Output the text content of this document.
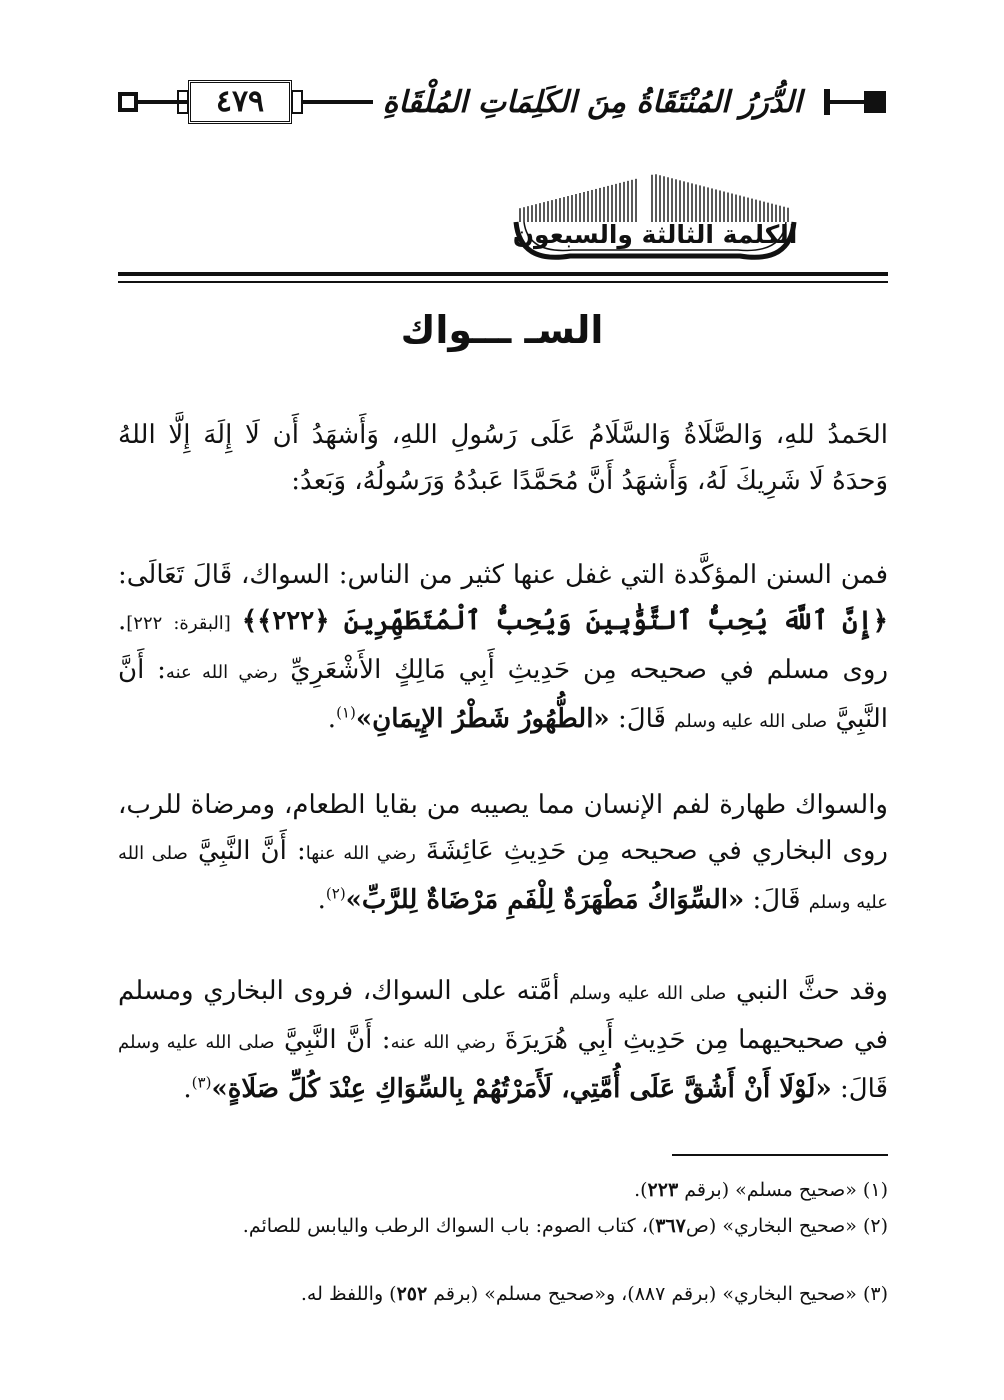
٤٧٩	الدُّرَرُ المُنْتَقَاةُ مِنَ الكَلِمَاتِ المُلْقَاةِ
الكلمة الثالثة والسبعون
السـ ـــواك

الحَمدُ للهِ، وَالصَّلَاةُ وَالسَّلَامُ عَلَى رَسُولِ اللهِ، وَأَشهَدُ أَن لَا إِلَهَ إِلَّا اللهُ وَحدَهُ لَا شَرِيكَ لَهُ، وَأَشهَدُ أَنَّ مُحَمَّدًا عَبدُهُ وَرَسُولُهُ، وَبَعدُ:

فمن السنن المؤكَّدة التي غفل عنها كثير من الناس: السواك، قَالَ تَعَالَى: ﴿إِنَّ ٱللَّهَ يُحِبُّ ٱلتَّوَّٰبِينَ وَيُحِبُّ ٱلْمُتَطَهِّرِينَ ﴿٢٢٢﴾﴾ [البقرة: ٢٢٢]. روى مسلم في صحيحه مِن حَدِيثِ أَبِي مَالِكٍ الأَشْعَرِيِّ رضي الله عنه: أَنَّ النَّبِيَّ صلى الله عليه وسلم قَالَ: «الطُّهُورُ شَطْرُ الإِيمَانِ»$^{(١)}$.

والسواك طهارة لفم الإنسان مما يصيبه من بقايا الطعام، ومرضاة للرب، روى البخاري في صحيحه مِن حَدِيثِ عَائِشَةَ رضي الله عنها: أَنَّ النَّبِيَّ صلى الله عليه وسلم قَالَ: «السِّوَاكُ مَطْهَرَةٌ لِلْفَمِ مَرْضَاةٌ لِلرَّبِّ»$^{(٢)}$.

وقد حثَّ النبي صلى الله عليه وسلم أمَّته على السواك، فروى البخاري ومسلم في صحيحيهما مِن حَدِيثِ أَبِي هُرَيرَةَ رضي الله عنه: أَنَّ النَّبِيَّ صلى الله عليه وسلم قَالَ: «لَوْلَا أَنْ أَشُقَّ عَلَى أُمَّتِي، لَأَمَرْتُهُمْ بِالسِّوَاكِ عِنْدَ كُلِّ صَلَاةٍ»$^{(٣)}$.

(١) «صحيح مسلم» (برقم ٢٢٣).

(٢) «صحيح البخاري» (ص٣٦٧)، كتاب الصوم: باب السواك الرطب واليابس للصائم.

(٣) «صحيح البخاري» (برقم ٨٨٧)، و«صحيح مسلم» (برقم ٢٥٢) واللفظ له.
